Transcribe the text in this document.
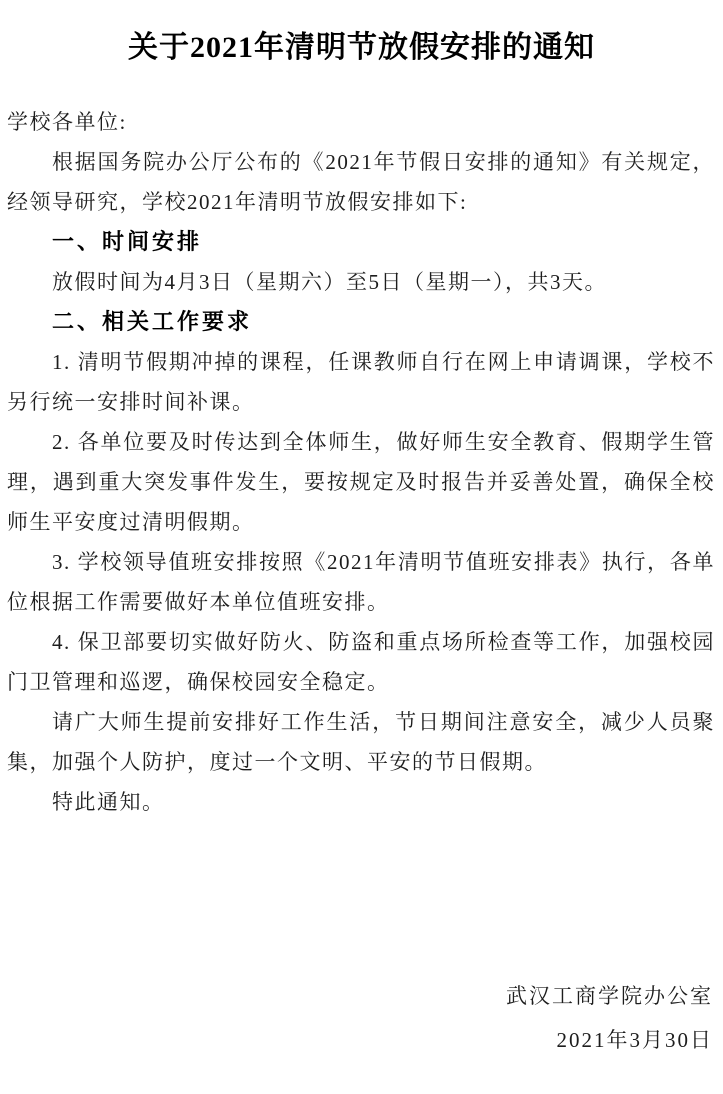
关于2021年清明节放假安排的通知

学校各单位:

根据国务院办公厅公布的《2021年节假日安排的通知》有关规定，经领导研究，学校2021年清明节放假安排如下:

一、时间安排

放假时间为4月3日（星期六）至5日（星期一），共3天。

二、相关工作要求

1. 清明节假期冲掉的课程，任课教师自行在网上申请调课，学校不另行统一安排时间补课。

2. 各单位要及时传达到全体师生，做好师生安全教育、假期学生管理，遇到重大突发事件发生，要按规定及时报告并妥善处置，确保全校师生平安度过清明假期。

3. 学校领导值班安排按照《2021年清明节值班安排表》执行，各单位根据工作需要做好本单位值班安排。

4. 保卫部要切实做好防火、防盗和重点场所检查等工作，加强校园门卫管理和巡逻，确保校园安全稳定。

请广大师生提前安排好工作生活，节日期间注意安全，减少人员聚集，加强个人防护，度过一个文明、平安的节日假期。

特此通知。

武汉工商学院办公室
2021年3月30日
